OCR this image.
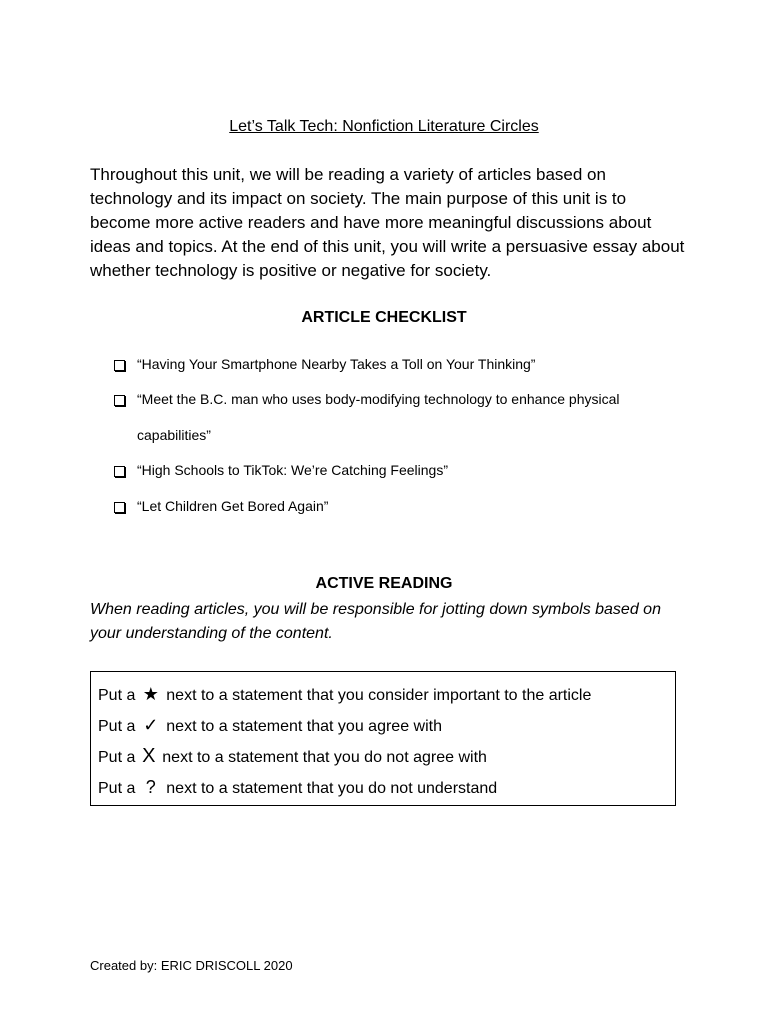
Let’s Talk Tech: Nonfiction Literature Circles
Throughout this unit, we will be reading a variety of articles based on technology and its impact on society. The main purpose of this unit is to become more active readers and have more meaningful discussions about ideas and topics. At the end of this unit, you will write a persuasive essay about whether technology is positive or negative for society.
ARTICLE CHECKLIST
“Having Your Smartphone Nearby Takes a Toll on Your Thinking”
“Meet the B.C. man who uses body-modifying technology to enhance physical capabilities”
“High Schools to TikTok: We’re Catching Feelings”
“Let Children Get Bored Again”
ACTIVE READING
When reading articles, you will be responsible for jotting down symbols based on your understanding of the content.
Put a ★ next to a statement that you consider important to the article
Put a ✓ next to a statement that you agree with
Put a X next to a statement that you do not agree with
Put a ? next to a statement that you do not understand
Created by: ERIC DRISCOLL 2020
